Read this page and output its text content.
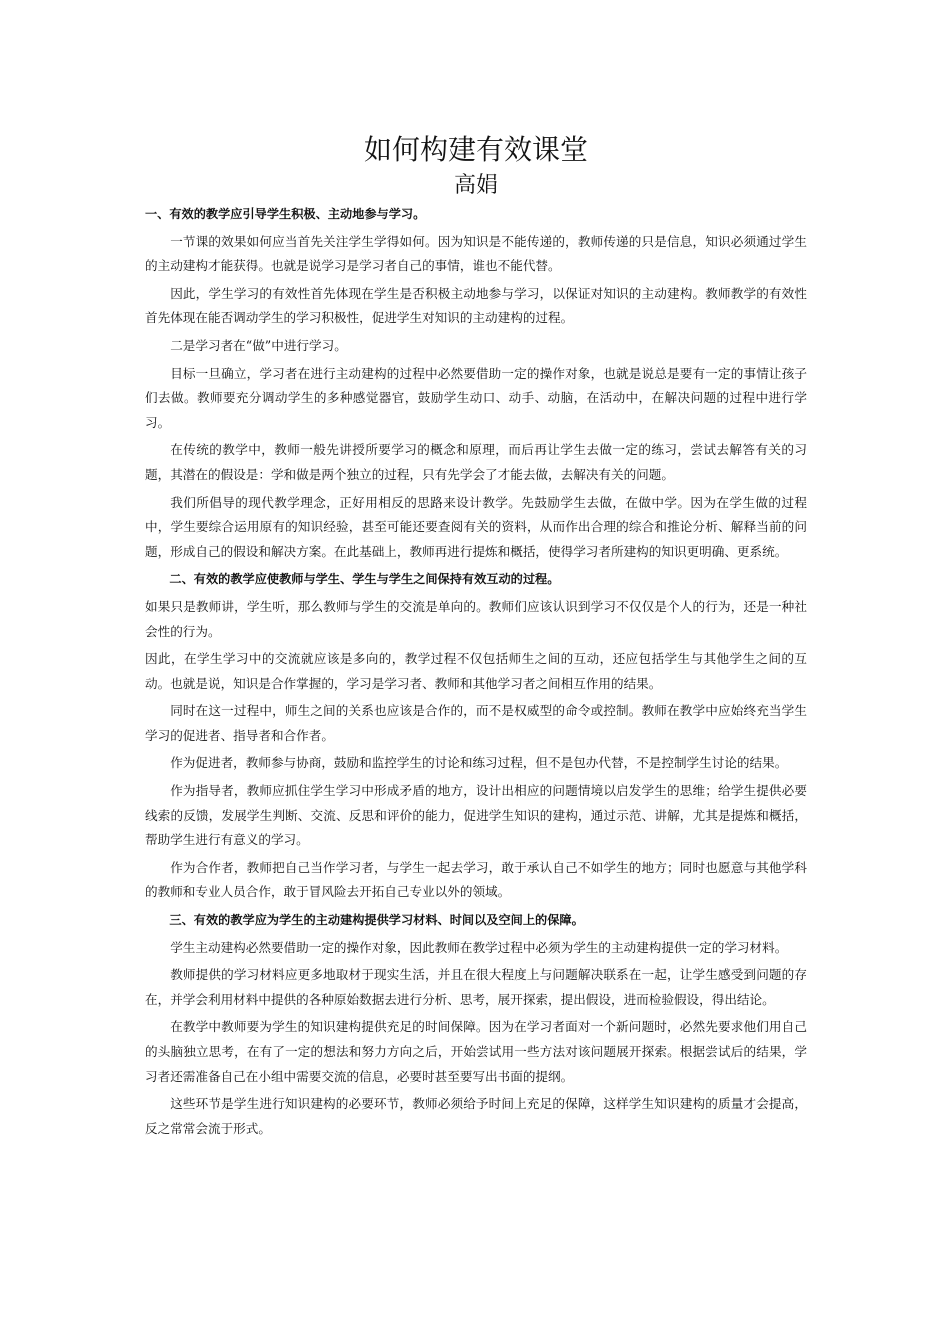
如何构建有效课堂
高娟

一、有效的教学应引导学生积极、主动地参与学习。

一节课的效果如何应当首先关注学生学得如何。因为知识是不能传递的，教师传递的只是信息，知识必须通过学生的主动建构才能获得。也就是说学习是学习者自己的事情，谁也不能代替。

因此，学生学习的有效性首先体现在学生是否积极主动地参与学习，以保证对知识的主动建构。教师教学的有效性首先体现在能否调动学生的学习积极性，促进学生对知识的主动建构的过程。

二是学习者在“做”中进行学习。

目标一旦确立，学习者在进行主动建构的过程中必然要借助一定的操作对象，也就是说总是要有一定的事情让孩子们去做。教师要充分调动学生的多种感觉器官，鼓励学生动口、动手、动脑，在活动中，在解决问题的过程中进行学习。

在传统的教学中，教师一般先讲授所要学习的概念和原理，而后再让学生去做一定的练习，尝试去解答有关的习题，其潜在的假设是：学和做是两个独立的过程，只有先学会了才能去做，去解决有关的问题。

我们所倡导的现代教学理念，正好用相反的思路来设计教学。先鼓励学生去做，在做中学。因为在学生做的过程中，学生要综合运用原有的知识经验，甚至可能还要查阅有关的资料，从而作出合理的综合和推论分析、解释当前的问题，形成自己的假设和解决方案。在此基础上，教师再进行提炼和概括，使得学习者所建构的知识更明确、更系统。

二、有效的教学应使教师与学生、学生与学生之间保持有效互动的过程。

如果只是教师讲，学生听，那么教师与学生的交流是单向的。教师们应该认识到学习不仅仅是个人的行为，还是一种社会性的行为。

因此，在学生学习中的交流就应该是多向的，教学过程不仅包括师生之间的互动，还应包括学生与其他学生之间的互动。也就是说，知识是合作掌握的，学习是学习者、教师和其他学习者之间相互作用的结果。

同时在这一过程中，师生之间的关系也应该是合作的，而不是权威型的命令或控制。教师在教学中应始终充当学生学习的促进者、指导者和合作者。

作为促进者，教师参与协商，鼓励和监控学生的讨论和练习过程，但不是包办代替，不是控制学生讨论的结果。

作为指导者，教师应抓住学生学习中形成矛盾的地方，设计出相应的问题情境以启发学生的思维；给学生提供必要线索的反馈，发展学生判断、交流、反思和评价的能力，促进学生知识的建构，通过示范、讲解，尤其是提炼和概括，帮助学生进行有意义的学习。

作为合作者，教师把自己当作学习者，与学生一起去学习，敢于承认自己不如学生的地方；同时也愿意与其他学科的教师和专业人员合作，敢于冒风险去开拓自己专业以外的领域。

三、有效的教学应为学生的主动建构提供学习材料、时间以及空间上的保障。

学生主动建构必然要借助一定的操作对象，因此教师在教学过程中必须为学生的主动建构提供一定的学习材料。

教师提供的学习材料应更多地取材于现实生活，并且在很大程度上与问题解决联系在一起，让学生感受到问题的存在，并学会利用材料中提供的各种原始数据去进行分析、思考，展开探索，提出假设，进而检验假设，得出结论。

在教学中教师要为学生的知识建构提供充足的时间保障。因为在学习者面对一个新问题时，必然先要求他们用自己的头脑独立思考，在有了一定的想法和努力方向之后，开始尝试用一些方法对该问题展开探索。根据尝试后的结果，学习者还需准备自己在小组中需要交流的信息，必要时甚至要写出书面的提纲。

这些环节是学生进行知识建构的必要环节，教师必须给予时间上充足的保障，这样学生知识建构的质量才会提高，反之常常会流于形式。
